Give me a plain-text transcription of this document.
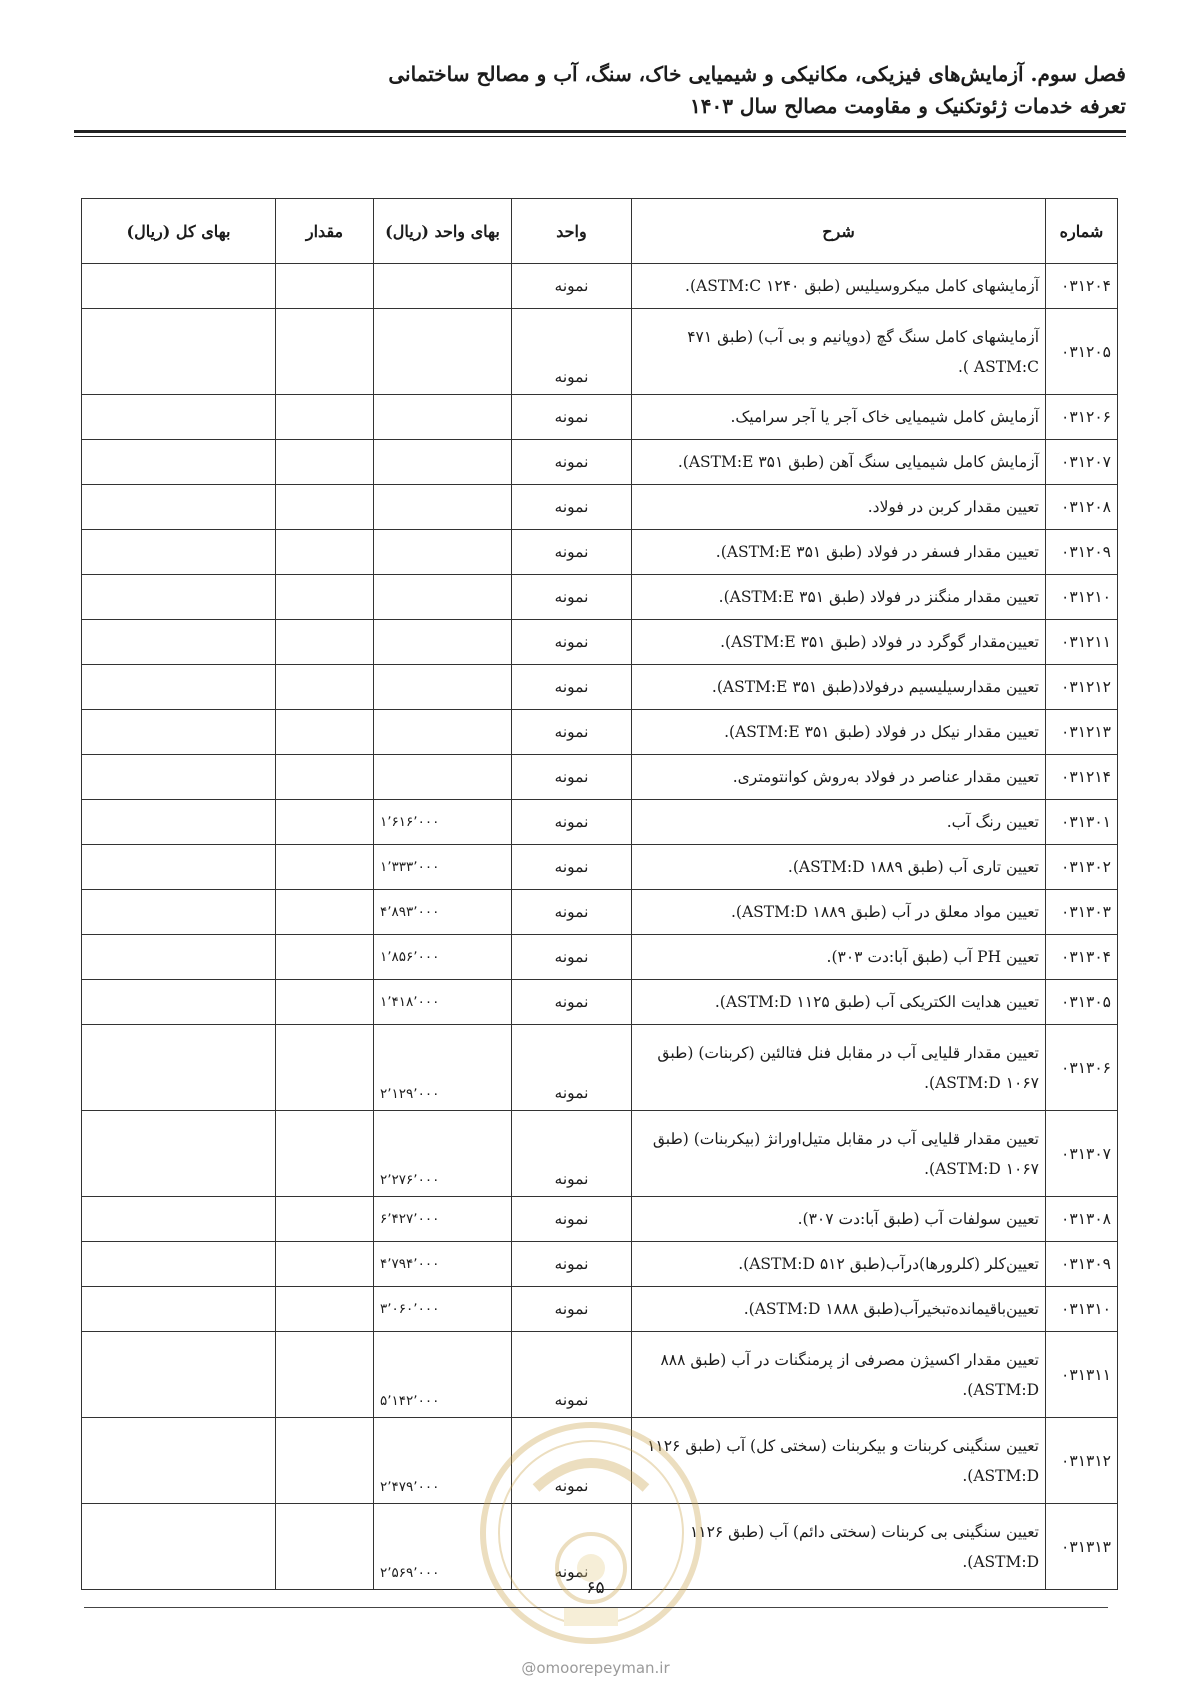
فصل سوم. آزمایش‌های فیزیکی، مکانیکی و شیمیایی خاک، سنگ، آب و مصالح ساختمانی
تعرفه خدمات ژئوتکنیک و مقاومت مصالح سال ۱۴۰۳
شماره	شرح	واحد	بهای واحد (ریال)	مقدار	بهای کل (ریال)
۰۳۱۲۰۴	آزمایشهای کامل میکروسیلیس (طبق ۱۲۴۰ ASTM:C).	نمونه			
۰۳۱۲۰۵	آزمایشهای کامل سنگ گچ (دوپانیم و بی آب) (طبق ۴۷۱ ASTM:C ).	نمونه			
۰۳۱۲۰۶	آزمایش کامل شیمیایی خاک آجر یا آجر سرامیک.	نمونه			
۰۳۱۲۰۷	آزمایش کامل شیمیایی سنگ آهن (طبق ۳۵۱ ASTM:E).	نمونه			
۰۳۱۲۰۸	تعیین مقدار کربن در فولاد.	نمونه			
۰۳۱۲۰۹	تعیین مقدار فسفر در فولاد (طبق ۳۵۱ ASTM:E).	نمونه			
۰۳۱۲۱۰	تعیین مقدار منگنز در فولاد (طبق ۳۵۱ ASTM:E).	نمونه			
۰۳۱۲۱۱	تعیین‌مقدار گوگرد در فولاد (طبق ۳۵۱ ASTM:E).	نمونه			
۰۳۱۲۱۲	تعیین مقدارسیلیسیم درفولاد(طبق ۳۵۱ ASTM:E).	نمونه			
۰۳۱۲۱۳	تعیین مقدار نیکل در فولاد (طبق ۳۵۱ ASTM:E).	نمونه			
۰۳۱۲۱۴	تعیین مقدار عناصر در فولاد به‌روش کوانتومتری.	نمونه			
۰۳۱۳۰۱	تعیین رنگ آب.	نمونه	۱٬۶۱۶٬۰۰۰		
۰۳۱۳۰۲	تعیین تاری آب (طبق ۱۸۸۹ ASTM:D).	نمونه	۱٬۳۳۳٬۰۰۰		
۰۳۱۳۰۳	تعیین مواد معلق در آب (طبق ۱۸۸۹ ASTM:D).	نمونه	۴٬۸۹۳٬۰۰۰		
۰۳۱۳۰۴	تعیین PH آب (طبق آبا:دت ۳۰۳).	نمونه	۱٬۸۵۶٬۰۰۰		
۰۳۱۳۰۵	تعیین هدایت الکتریکی آب (طبق ۱۱۲۵ ASTM:D).	نمونه	۱٬۴۱۸٬۰۰۰		
۰۳۱۳۰۶	تعیین مقدار قلیایی آب در مقابل فنل فتالئین (کربنات) (طبق ۱۰۶۷ ASTM:D).	نمونه	۲٬۱۲۹٬۰۰۰		
۰۳۱۳۰۷	تعیین مقدار قلیایی آب در مقابل متیل‌اورانژ (بیکربنات) (طبق ۱۰۶۷ ASTM:D).	نمونه	۲٬۲۷۶٬۰۰۰		
۰۳۱۳۰۸	تعیین سولفات آب (طبق آبا:دت ۳۰۷).	نمونه	۶٬۴۲۷٬۰۰۰		
۰۳۱۳۰۹	تعیین‌کلر (کلرورها)درآب(طبق ۵۱۲ ASTM:D).	نمونه	۴٬۷۹۴٬۰۰۰		
۰۳۱۳۱۰	تعیین‌باقیمانده‌تبخیرآب(طبق ۱۸۸۸ ASTM:D).	نمونه	۳٬۰۶۰٬۰۰۰		
۰۳۱۳۱۱	تعیین مقدار اکسیژن مصرفی از پرمنگنات در آب (طبق ۸۸۸ ASTM:D).	نمونه	۵٬۱۴۲٬۰۰۰		
۰۳۱۳۱۲	تعیین سنگینی کربنات و بیکربنات (سختی کل) آب (طبق ۱۱۲۶ ASTM:D).	نمونه	۲٬۴۷۹٬۰۰۰		
۰۳۱۳۱۳	تعیین سنگینی بی کربنات (سختی دائم) آب (طبق ۱۱۲۶ ASTM:D).	نمونه	۲٬۵۶۹٬۰۰۰		
۶۵
@omoorepeyman.ir
